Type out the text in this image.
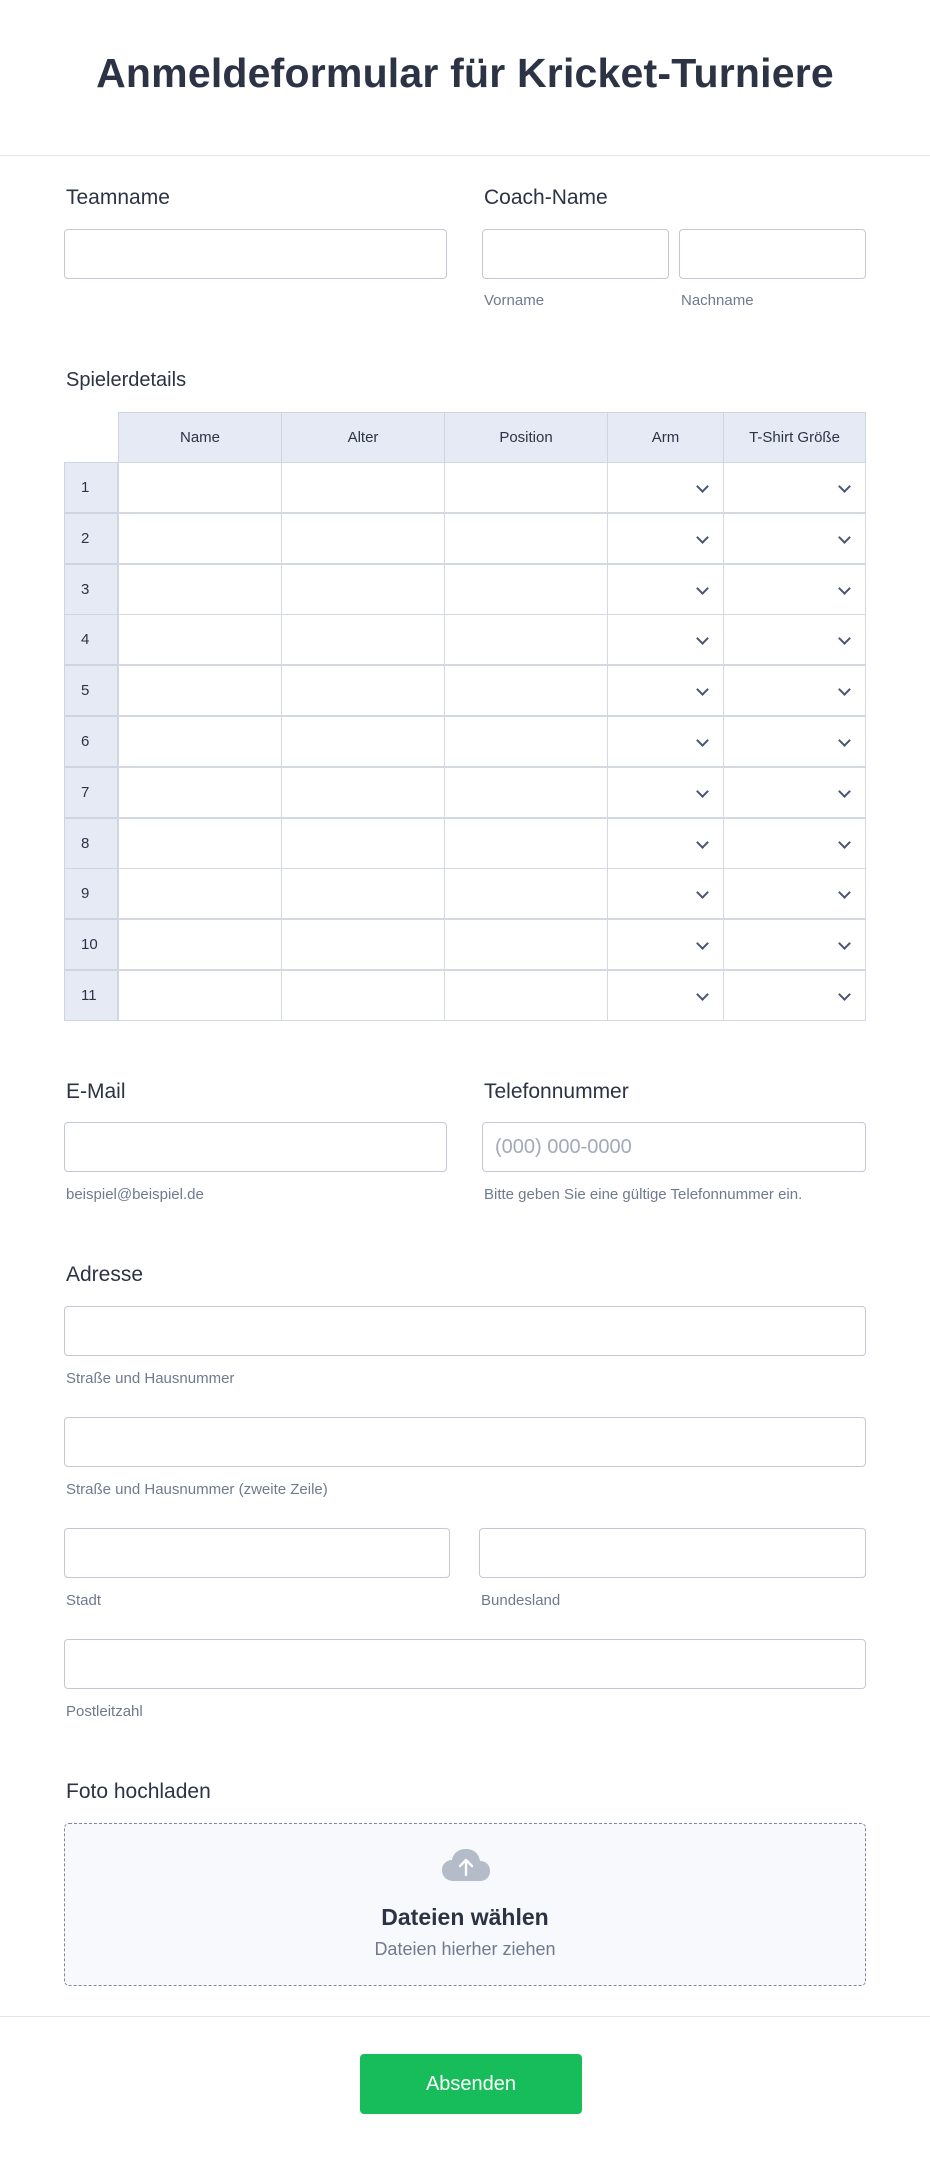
Anmeldeformular für Kricket-Turniere
Teamname	Coach-Name
Vorname	Nachname
Spielerdetails
Name	Alter	Position	Arm	T-Shirt Größe
1
2
3
4
5
6
7
8
9
10
11
E-Mail
beispiel@beispiel.de
Telefonnummer
(000) 000-0000
Bitte geben Sie eine gültige Telefonnummer ein.
Adresse
Straße und Hausnummer
Straße und Hausnummer (zweite Zeile)
Stadt	Bundesland
Postleitzahl
Foto hochladen
Dateien wählen
Dateien hierher ziehen
Absenden
